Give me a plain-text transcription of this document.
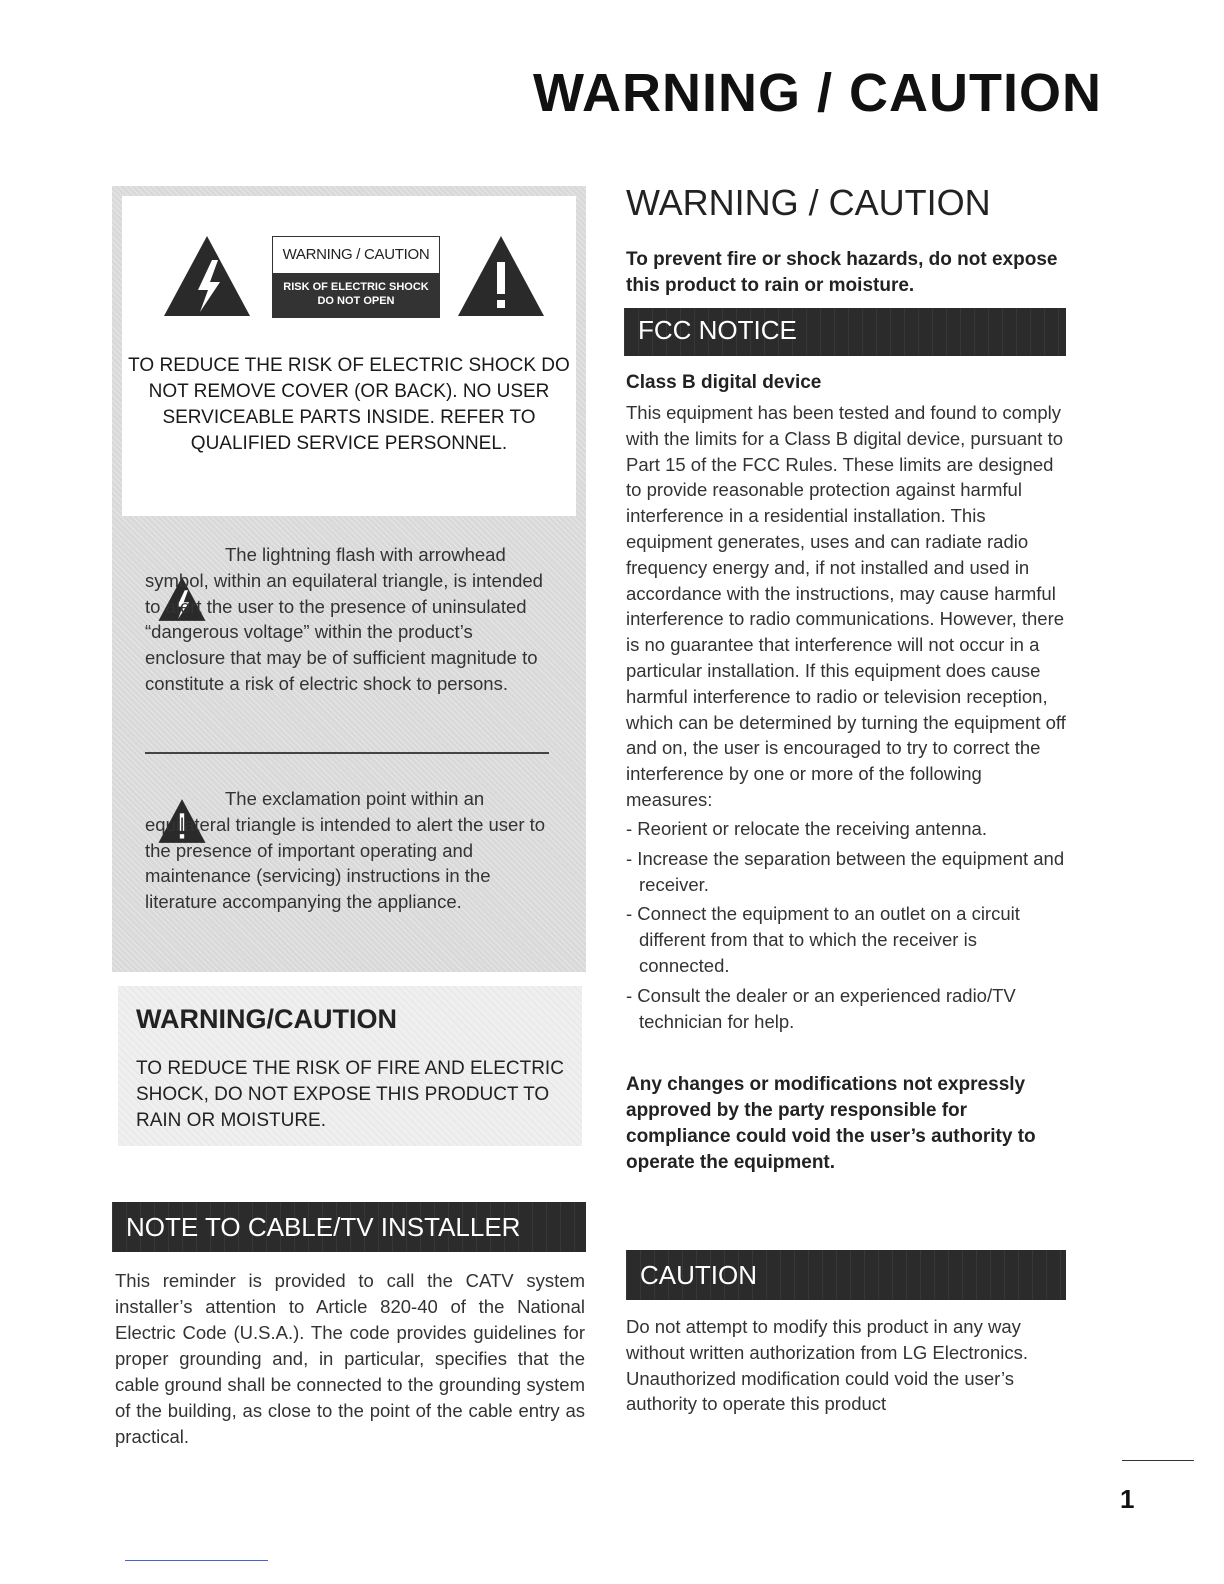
WARNING / CAUTION
WARNING / CAUTION
RISK OF ELECTRIC SHOCK
DO NOT OPEN
TO REDUCE THE RISK OF ELECTRIC SHOCK DO NOT REMOVE COVER (OR BACK). NO USER SERVICEABLE PARTS INSIDE. REFER TO QUALIFIED SERVICE PERSONNEL.
The lightning flash with arrowhead symbol, within an equilateral triangle, is intended to alert the user to the presence of uninsulated “dangerous voltage” within the product’s enclosure that may be of sufficient magnitude to constitute a risk of electric shock to persons.
The exclamation point within an equilateral triangle is intended to alert the user to the presence of important operating and maintenance (servicing) instructions in the literature accompanying the appliance.
WARNING/CAUTION
TO REDUCE THE RISK OF FIRE AND ELECTRIC SHOCK, DO NOT EXPOSE THIS PRODUCT TO RAIN OR MOISTURE.
NOTE TO CABLE/TV INSTALLER
This reminder is provided to call the CATV system installer’s attention to Article 820-40 of the National Electric Code (U.S.A.). The code provides guidelines for proper grounding and, in particular, specifies that the cable ground shall be connected to the grounding system of the building, as close to the point of the cable entry as practical.
WARNING / CAUTION
To prevent fire or shock hazards, do not expose this product to rain or moisture.
FCC NOTICE
Class B digital device
This equipment has been tested and found to comply with the limits for a Class B digital device, pursuant to Part 15 of the FCC Rules. These limits are designed to provide reasonable protection against harmful interference in a residential installation. This equipment generates, uses and can radiate radio frequency energy and, if not installed and used in accordance with the instructions, may cause harmful interference to radio communications. However, there is no guarantee that interference will not occur in a particular installation. If this equipment does cause harmful interference to radio or television reception, which can be determined by turning the equipment off and on, the user is encouraged to try to correct the interference by one or more of the following measures:
- Reorient or relocate the receiving antenna.
- Increase the separation between the equipment and receiver.
- Connect the equipment to an outlet on a circuit different from that to which the receiver is connected.
- Consult the dealer or an experienced radio/TV technician for help.
Any changes or modifications not expressly approved by the party responsible for compliance could void the user’s authority to operate the equipment.
CAUTION
Do not attempt to modify this product in any way without written authorization from LG Electronics. Unauthorized modification could void the user’s authority to operate this product
1
